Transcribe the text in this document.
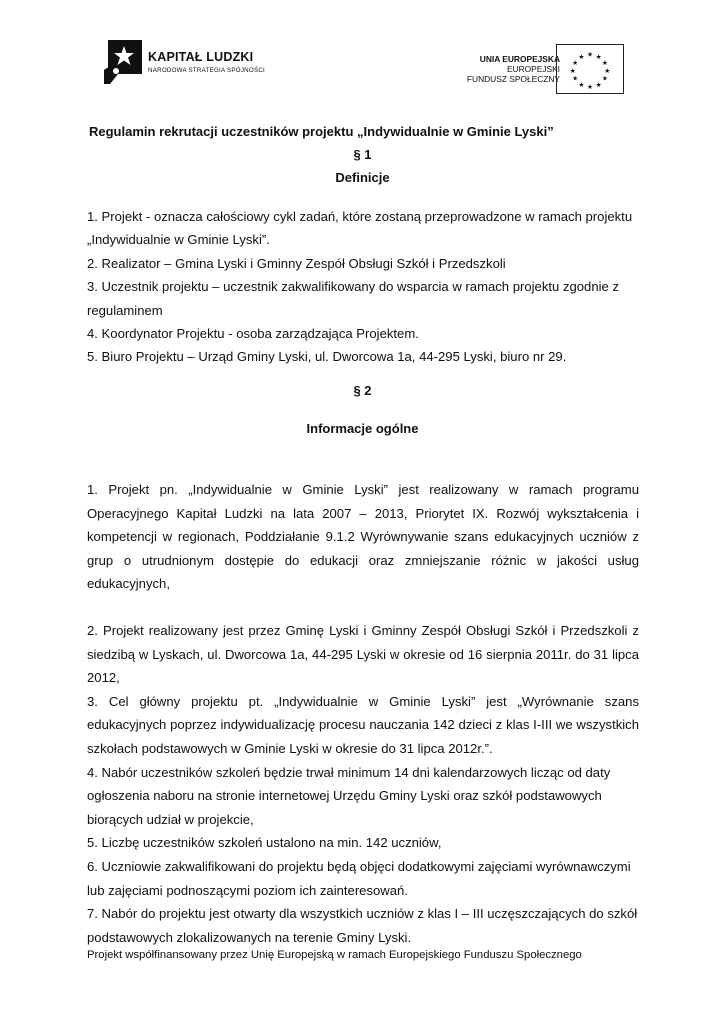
KAPITAŁ LUDZKI
NARODOWA STRATEGIA SPÓJNOŚCI
UNIA EUROPEJSKA
EUROPEJSKI
FUNDUSZ SPOŁECZNY
★ ★
★
★
★
★
★
★
★
★
★
★
Regulamin rekrutacji uczestników projektu „Indywidualnie w Gminie Lyski”
§ 1
Definicje

1. Projekt - oznacza całościowy cykl zadań, które zostaną przeprowadzone w ramach projektu „Indywidualnie w Gminie Lyski”.

2. Realizator – Gmina Lyski i Gminny Zespół Obsługi Szkół i Przedszkoli

3. Uczestnik projektu – uczestnik zakwalifikowany do wsparcia w ramach projektu zgodnie z regulaminem

4. Koordynator Projektu - osoba zarządzająca Projektem.

5. Biuro Projektu – Urząd Gminy Lyski, ul. Dworcowa 1a, 44-295 Lyski, biuro nr 29.

§ 2
Informacje ogólne

1. Projekt pn. „Indywidualnie w Gminie Lyski” jest realizowany w ramach programu Operacyjnego Kapitał Ludzki na lata 2007 – 2013, Priorytet IX. Rozwój wykształcenia i kompetencji w regionach, Poddziałanie 9.1.2 Wyrównywanie szans edukacyjnych uczniów z grup o utrudnionym dostępie do edukacji oraz zmniejszanie różnic w jakości usług edukacyjnych,

2. Projekt realizowany jest przez Gminę Lyski i Gminny Zespół Obsługi Szkół i Przedszkoli z siedzibą w Lyskach, ul. Dworcowa 1a, 44-295 Lyski w okresie od 16 sierpnia 2011r. do 31 lipca 2012,

3. Cel główny projektu pt. „Indywidualnie w Gminie Lyski” jest „Wyrównanie szans edukacyjnych poprzez indywidualizację procesu nauczania 142 dzieci z klas I-III we wszystkich szkołach podstawowych w Gminie Lyski w okresie do 31 lipca 2012r.”.

4. Nabór uczestników szkoleń będzie trwał minimum 14 dni kalendarzowych licząc od daty ogłoszenia naboru na stronie internetowej Urzędu Gminy Lyski oraz szkół podstawowych biorących udział w projekcie,

5. Liczbę uczestników szkoleń ustalono na min. 142 uczniów,

6. Uczniowie zakwalifikowani do projektu będą objęci dodatkowymi zajęciami wyrównawczymi lub zajęciami podnoszącymi poziom ich zainteresowań.

7. Nabór do projektu jest otwarty dla wszystkich uczniów z klas I – III uczęszczających do szkół podstawowych zlokalizowanych na terenie Gminy Lyski.

Projekt współfinansowany przez Unię Europejską w ramach Europejskiego Funduszu Społecznego
